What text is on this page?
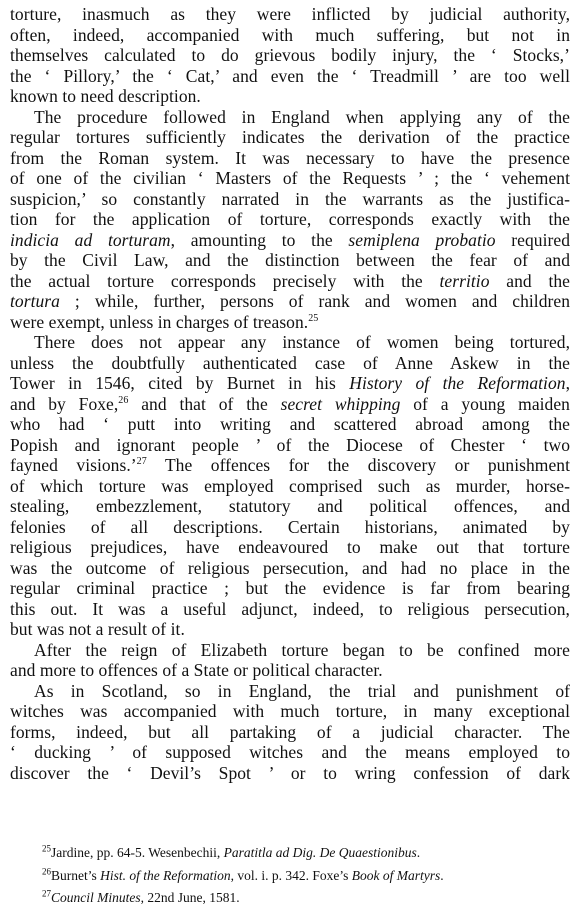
torture, inasmuch as they were inflicted by judicial authority,
often, indeed, accompanied with much suffering, but not in
themselves calculated to do grievous bodily injury, the ‘ Stocks,’
the ‘ Pillory,’ the ‘ Cat,’ and even the ‘ Treadmill ’ are too well
known to need description.
The procedure followed in England when applying any of the
regular tortures sufficiently indicates the derivation of the practice
from the Roman system. It was necessary to have the presence
of one of the civilian ‘ Masters of the Requests ’ ; the ‘ vehement
suspicion,’ so constantly narrated in the warrants as the justifica-
tion for the application of torture, corresponds exactly with the
indicia ad torturam, amounting to the semiplena probatio required
by the Civil Law, and the distinction between the fear of and
the actual torture corresponds precisely with the territio and the
tortura ; while, further, persons of rank and women and children
were exempt, unless in charges of treason.$^{25}$
There does not appear any instance of women being tortured,
unless the doubtfully authenticated case of Anne Askew in the
Tower in 1546, cited by Burnet in his History of the Reformation,
and by Foxe,$^{26}$ and that of the secret whipping of a young maiden
who had ‘ putt into writing and scattered abroad among the
Popish and ignorant people ’ of the Diocese of Chester ‘ two
fayned visions.’$^{27}$ The offences for the discovery or punishment
of which torture was employed comprised such as murder, horse-
stealing, embezzlement, statutory and political offences, and
felonies of all descriptions. Certain historians, animated by
religious prejudices, have endeavoured to make out that torture
was the outcome of religious persecution, and had no place in the
regular criminal practice ; but the evidence is far from bearing
this out. It was a useful adjunct, indeed, to religious persecution,
but was not a result of it.
After the reign of Elizabeth torture began to be confined more
and more to offences of a State or political character.
As in Scotland, so in England, the trial and punishment of
witches was accompanied with much torture, in many exceptional
forms, indeed, but all partaking of a judicial character. The
‘ ducking ’ of supposed witches and the means employed to
discover the ‘ Devil’s Spot ’ or to wring confession of dark
$^{25}$Jardine, pp. 64-5. Wesenbechii, Paratitla ad Dig. De Quaestionibus.
$^{26}$Burnet’s Hist. of the Reformation, vol. i. p. 342. Foxe’s Book of Martyrs.
$^{27}$Council Minutes, 22nd June, 1581.
